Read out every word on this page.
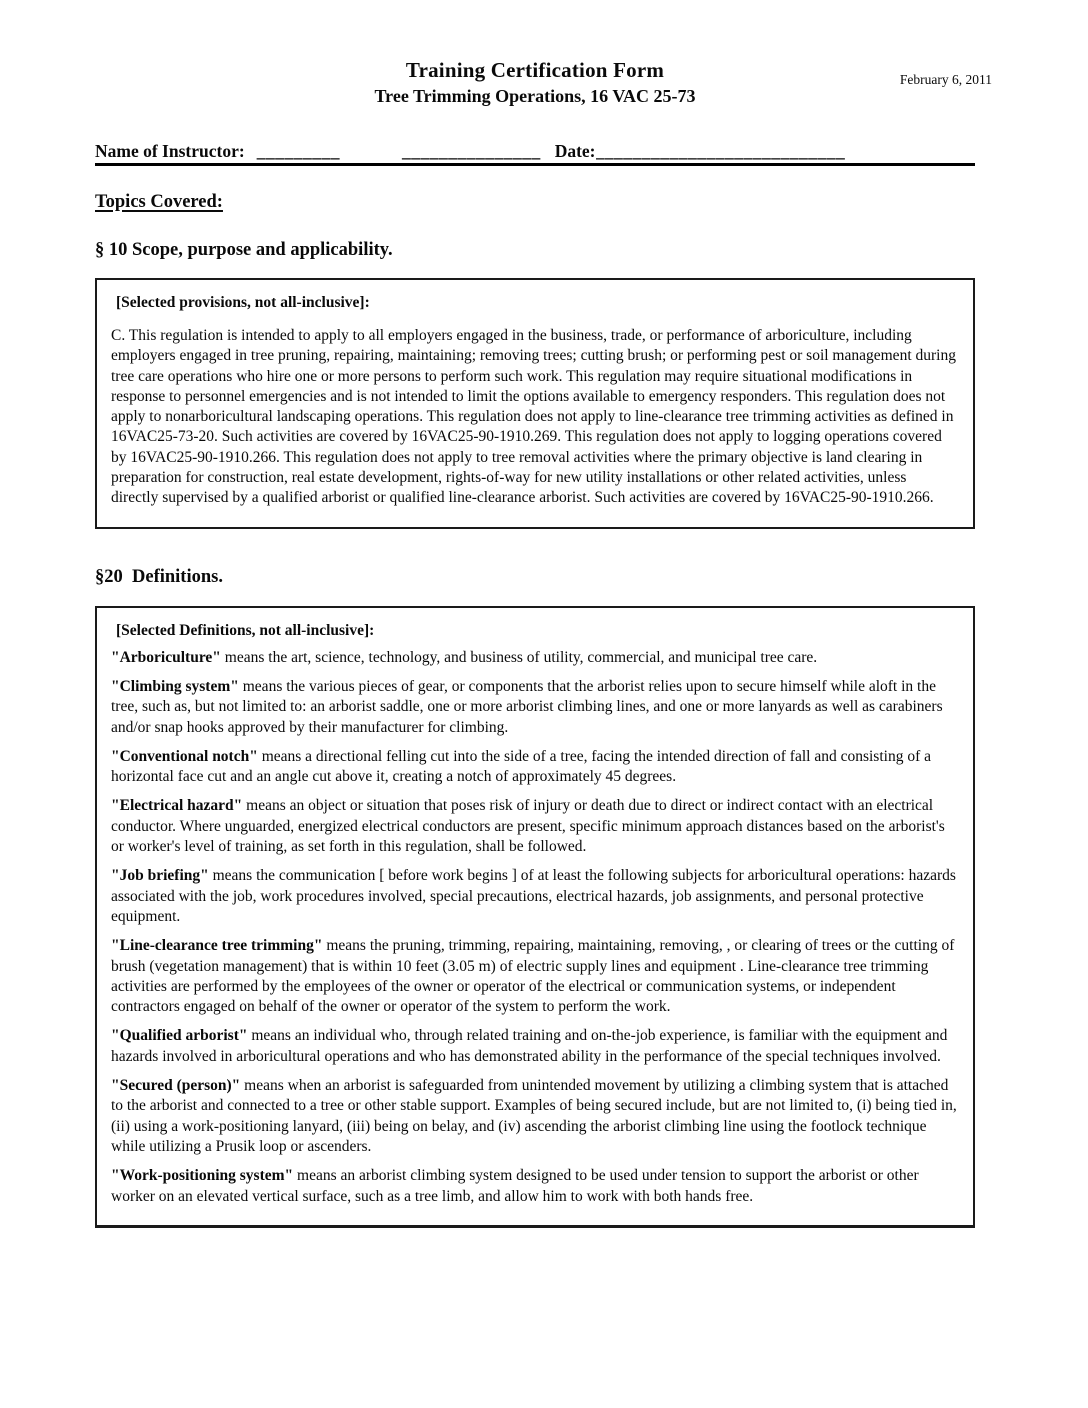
February 6, 2011
Training Certification Form
Tree Trimming Operations, 16 VAC 25-73
Name of Instructor: _________	_______________ Date: ___________________________
Topics Covered:
§ 10 Scope, purpose and applicability.
[Selected provisions, not all-inclusive]:
C. This regulation is intended to apply to all employers engaged in the business, trade, or performance of arboriculture, including employers engaged in tree pruning, repairing, maintaining; removing trees; cutting brush; or performing pest or soil management during tree care operations who hire one or more persons to perform such work. This regulation may require situational modifications in response to personnel emergencies and is not intended to limit the options available to emergency responders. This regulation does not apply to nonarboricultural landscaping operations. This regulation does not apply to line-clearance tree trimming activities as defined in 16VAC25-73-20. Such activities are covered by 16VAC25-90-1910.269. This regulation does not apply to logging operations covered by 16VAC25-90-1910.266. This regulation does not apply to tree removal activities where the primary objective is land clearing in preparation for construction, real estate development, rights-of-way for new utility installations or other related activities, unless directly supervised by a qualified arborist or qualified line-clearance arborist. Such activities are covered by 16VAC25-90-1910.266.
§20  Definitions.
[Selected Definitions, not all-inclusive]:

"Arboriculture" means the art, science, technology, and business of utility, commercial, and municipal tree care.

"Climbing system" means the various pieces of gear, or components that the arborist relies upon to secure himself while aloft in the tree, such as, but not limited to: an arborist saddle, one or more arborist climbing lines, and one or more lanyards as well as carabiners and/or snap hooks approved by their manufacturer for climbing.

"Conventional notch" means a directional felling cut into the side of a tree, facing the intended direction of fall and consisting of a horizontal face cut and an angle cut above it, creating a notch of approximately 45 degrees.

"Electrical hazard" means an object or situation that poses risk of injury or death due to direct or indirect contact with an electrical conductor. Where unguarded, energized electrical conductors are present, specific minimum approach distances based on the arborist's or worker's level of training, as set forth in this regulation, shall be followed.

"Job briefing" means the communication [ before work begins ] of at least the following subjects for arboricultural operations: hazards associated with the job, work procedures involved, special precautions, electrical hazards, job assignments, and personal protective equipment.

"Line-clearance tree trimming" means the pruning, trimming, repairing, maintaining, removing, , or clearing of trees or the cutting of brush (vegetation management) that is within 10 feet (3.05 m) of electric supply lines and equipment . Line-clearance tree trimming activities are performed by the employees of the owner or operator of the electrical or communication systems, or independent contractors engaged on behalf of the owner or operator of the system to perform the work.

"Qualified arborist" means an individual who, through related training and on-the-job experience, is familiar with the equipment and hazards involved in arboricultural operations and who has demonstrated ability in the performance of the special techniques involved.

"Secured (person)" means when an arborist is safeguarded from unintended movement by utilizing a climbing system that is attached to the arborist and connected to a tree or other stable support. Examples of being secured include, but are not limited to, (i) being tied in, (ii) using a work-positioning lanyard, (iii) being on belay, and (iv) ascending the arborist climbing line using the footlock technique while utilizing a Prusik loop or ascenders.

"Work-positioning system" means an arborist climbing system designed to be used under tension to support the arborist or other worker on an elevated vertical surface, such as a tree limb, and allow him to work with both hands free.
